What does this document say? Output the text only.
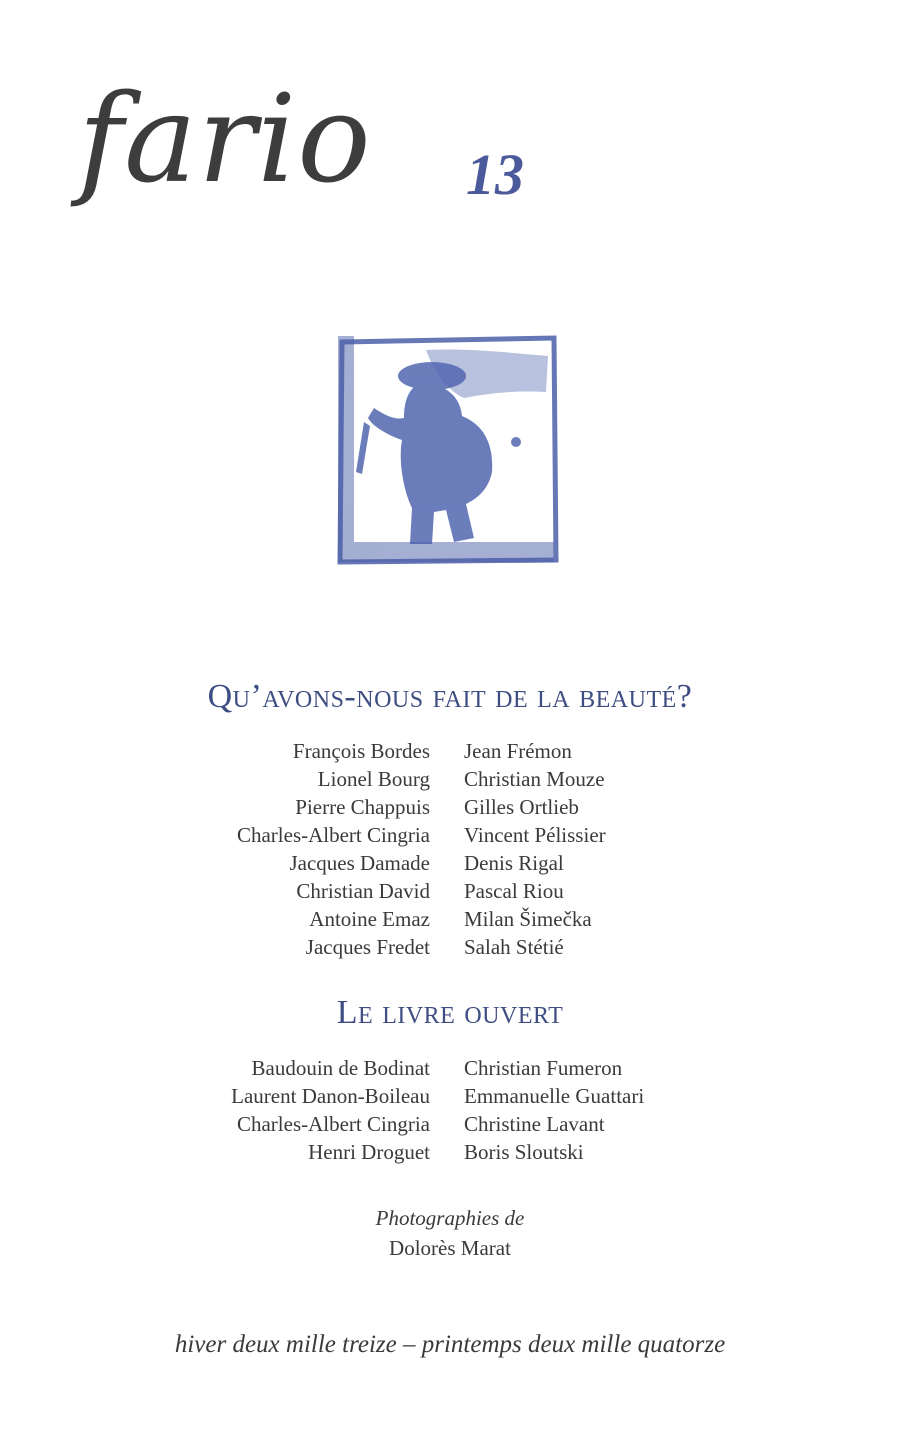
fario 13
Qu’avons-nous fait de la beauté?
François Bordes
Lionel Bourg
Pierre Chappuis
Charles-Albert Cingria
Jacques Damade
Christian David
Antoine Emaz
Jacques Fredet
Jean Frémon
Christian Mouze
Gilles Ortlieb
Vincent Pélissier
Denis Rigal
Pascal Riou
Milan Šimečka
Salah Stétié
Le livre ouvert
Baudouin de Bodinat
Laurent Danon-Boileau
Charles-Albert Cingria
Henri Droguet
Christian Fumeron
Emmanuelle Guattari
Christine Lavant
Boris Sloutski
Photographies de
Dolorès Marat
hiver deux mille treize – printemps deux mille quatorze
